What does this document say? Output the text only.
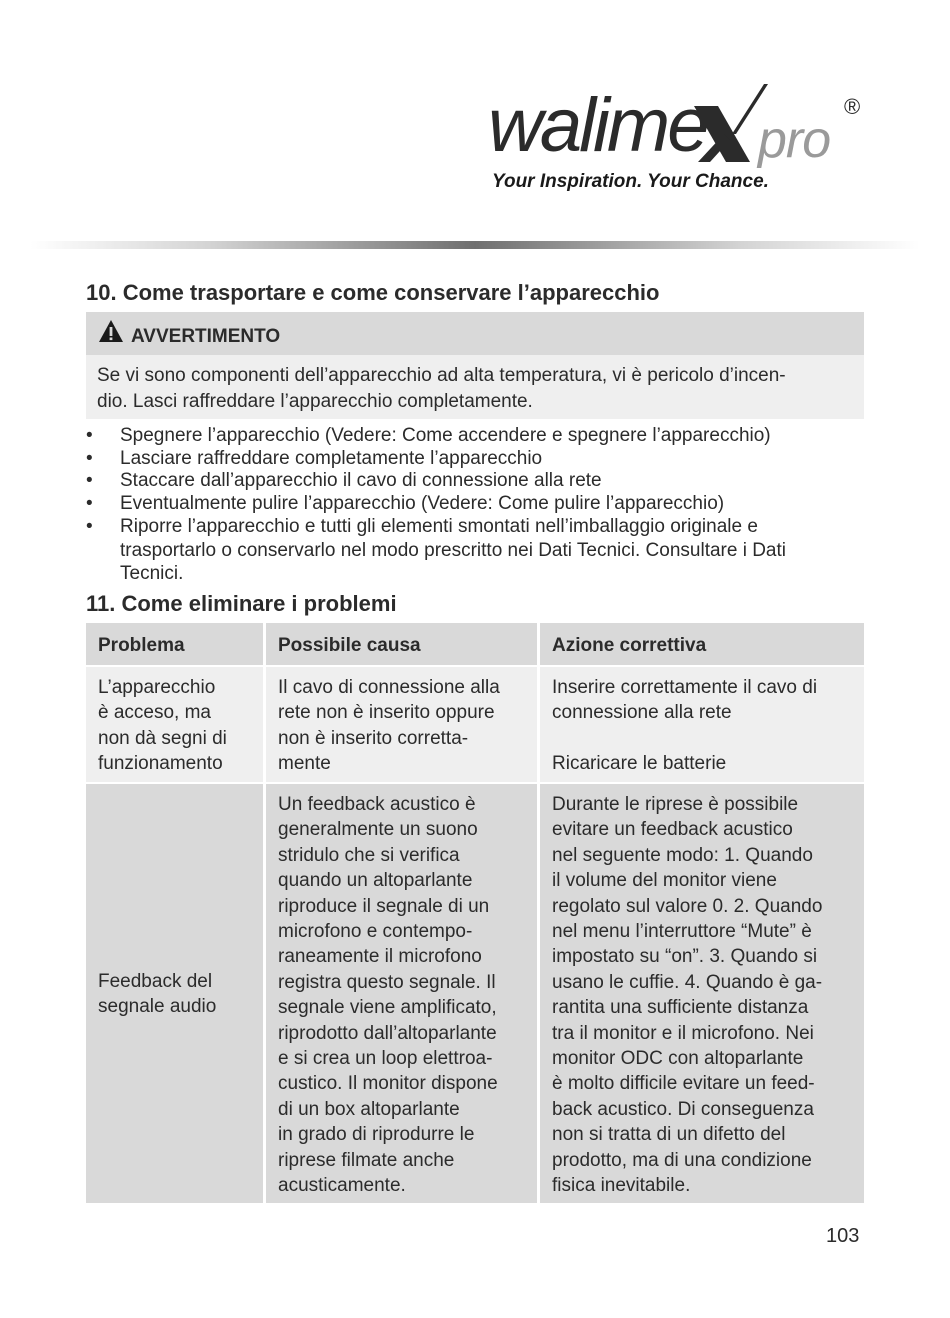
walime pro
®
Your Inspiration. Your Chance.
10. Come trasportare e come conservare l’apparecchio
AVVERTIMENTO
Se vi sono componenti dell’apparecchio ad alta temperatura, vi è pericolo d’incen-
dio. Lasci raffreddare l’apparecchio completamente.
• Spegnere l’apparecchio (Vedere: Come accendere e spegnere l’apparecchio)
• Lasciare raffreddare completamente l’apparecchio
• Staccare dall’apparecchio il cavo di connessione alla rete
• Eventualmente pulire l’apparecchio (Vedere: Come pulire l’apparecchio)
• Riporre l’apparecchio e tutti gli elementi smontati nell’imballaggio originale e
trasportarlo o conservarlo nel modo prescritto nei Dati Tecnici. Consultare i Dati
Tecnici.
11. Come eliminare i problemi
Problema	Possibile causa	Azione correttiva
L’apparecchio
è acceso, ma
non dà segni di
funzionamento
Il cavo di connessione alla
rete non è inserito oppure
non è inserito corretta-
mente
Inserire correttamente il cavo di
connessione alla rete
Ricaricare le batterie
Feedback del
segnale audio
Un feedback acustico è
generalmente un suono
stridulo che si verifica
quando un altoparlante
riproduce il segnale di un
microfono e contempo-
raneamente il microfono
registra questo segnale. Il
segnale viene amplificato,
riprodotto dall’altoparlante
e si crea un loop elettroa-
custico. Il monitor dispone
di un box altoparlante
in grado di riprodurre le
riprese filmate anche
acusticamente.
Durante le riprese è possibile
evitare un feedback acustico
nel seguente modo: 1. Quando
il volume del monitor viene
regolato sul valore 0. 2. Quando
nel menu l’interruttore “Mute” è
impostato su “on”. 3. Quando si
usano le cuffie. 4. Quando è ga-
rantita una sufficiente distanza
tra il monitor e il microfono. Nei
monitor ODC con altoparlante
è molto difficile evitare un feed-
back acustico. Di conseguenza
non si tratta di un difetto del
prodotto, ma di una condizione
fisica inevitabile.
103
